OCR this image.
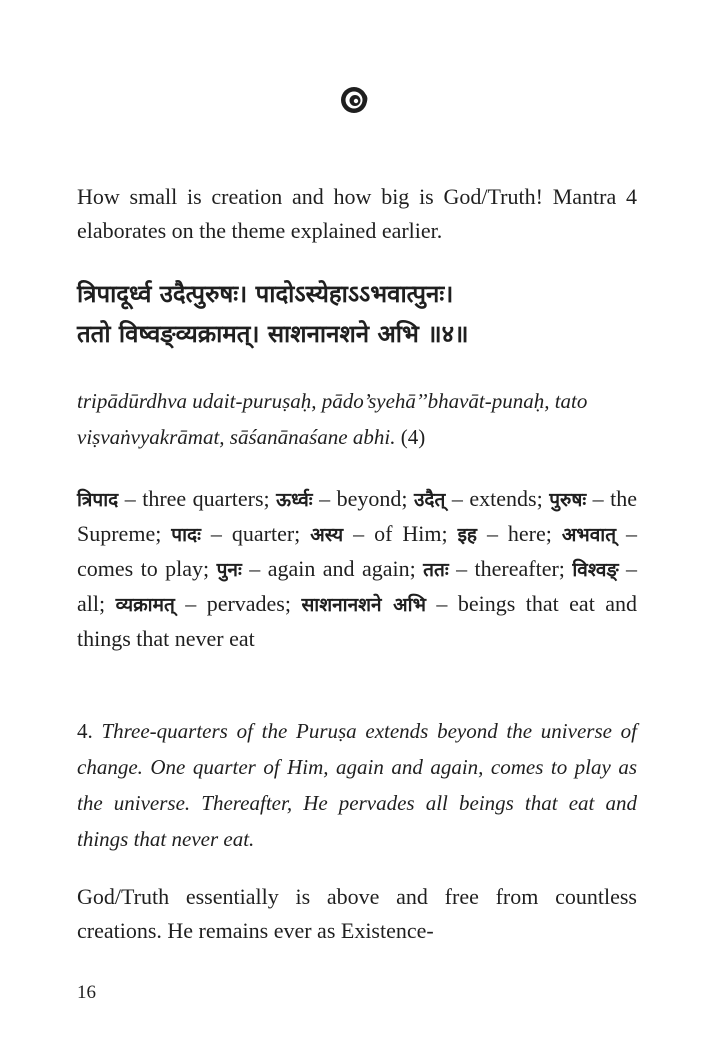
How small is creation and how big is God/Truth! Mantra 4 elaborates on the theme explained earlier.

त्रिपादूर्ध्व उदैत्पुरुषः। पादोऽस्येहाऽऽभवात्पुनः।
ततो विष्वङ्व्यक्रामत्। साशनानशने अभि ॥४॥

tripādūrdhva udait-puruṣaḥ, pādo’syehā’’bhavāt-punaḥ, tato viṣvaṅvyakrāmat, sāśanānaśane abhi. (4)

त्रिपाद – three quarters; ऊर्ध्वः – beyond; उदैत् – extends; पुरुषः – the Supreme; पादः – quarter; अस्य – of Him; इह – here; अभवात् – comes to play; पुनः – again and again; ततः – thereafter; विश्वङ् – all; व्यक्रामत् – pervades; साशनानशने अभि – beings that eat and things that never eat

4. Three-quarters of the Puruṣa extends beyond the universe of change. One quarter of Him, again and again, comes to play as the universe. Thereafter, He pervades all beings that eat and things that never eat.

God/Truth essentially is above and free from countless creations. He remains ever as Existence-

16
